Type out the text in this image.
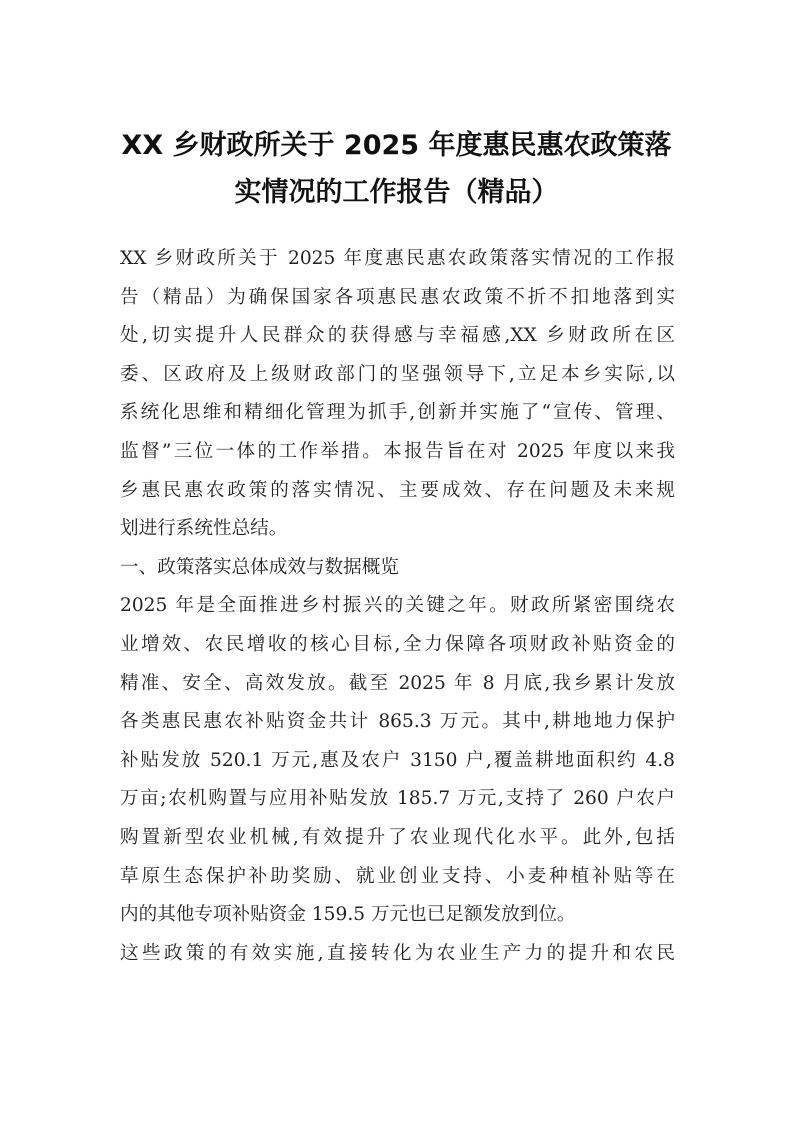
XX 乡财政所关于 2025 年度惠民惠农政策落
实情况的工作报告（精品）
XX 乡财政所关于 2025 年度惠民惠农政策落实情况的工作报
告（精品）为确保国家各项惠民惠农政策不折不扣地落到实
处,切实提升人民群众的获得感与幸福感,XX 乡财政所在区
委、区政府及上级财政部门的坚强领导下,立足本乡实际,以
系统化思维和精细化管理为抓手,创新并实施了“宣传、管理、
监督”三位一体的工作举措。本报告旨在对 2025 年度以来我
乡惠民惠农政策的落实情况、主要成效、存在问题及未来规
划进行系统性总结。
一、政策落实总体成效与数据概览
2025 年是全面推进乡村振兴的关键之年。财政所紧密围绕农
业增效、农民增收的核心目标,全力保障各项财政补贴资金的
精准、安全、高效发放。截至 2025 年 8 月底,我乡累计发放
各类惠民惠农补贴资金共计 865.3 万元。其中,耕地地力保护
补贴发放 520.1 万元,惠及农户 3150 户,覆盖耕地面积约 4.8
万亩;农机购置与应用补贴发放 185.7 万元,支持了 260 户农户
购置新型农业机械,有效提升了农业现代化水平。此外,包括
草原生态保护补助奖励、就业创业支持、小麦种植补贴等在
内的其他专项补贴资金 159.5 万元也已足额发放到位。
这些政策的有效实施,直接转化为农业生产力的提升和农民
